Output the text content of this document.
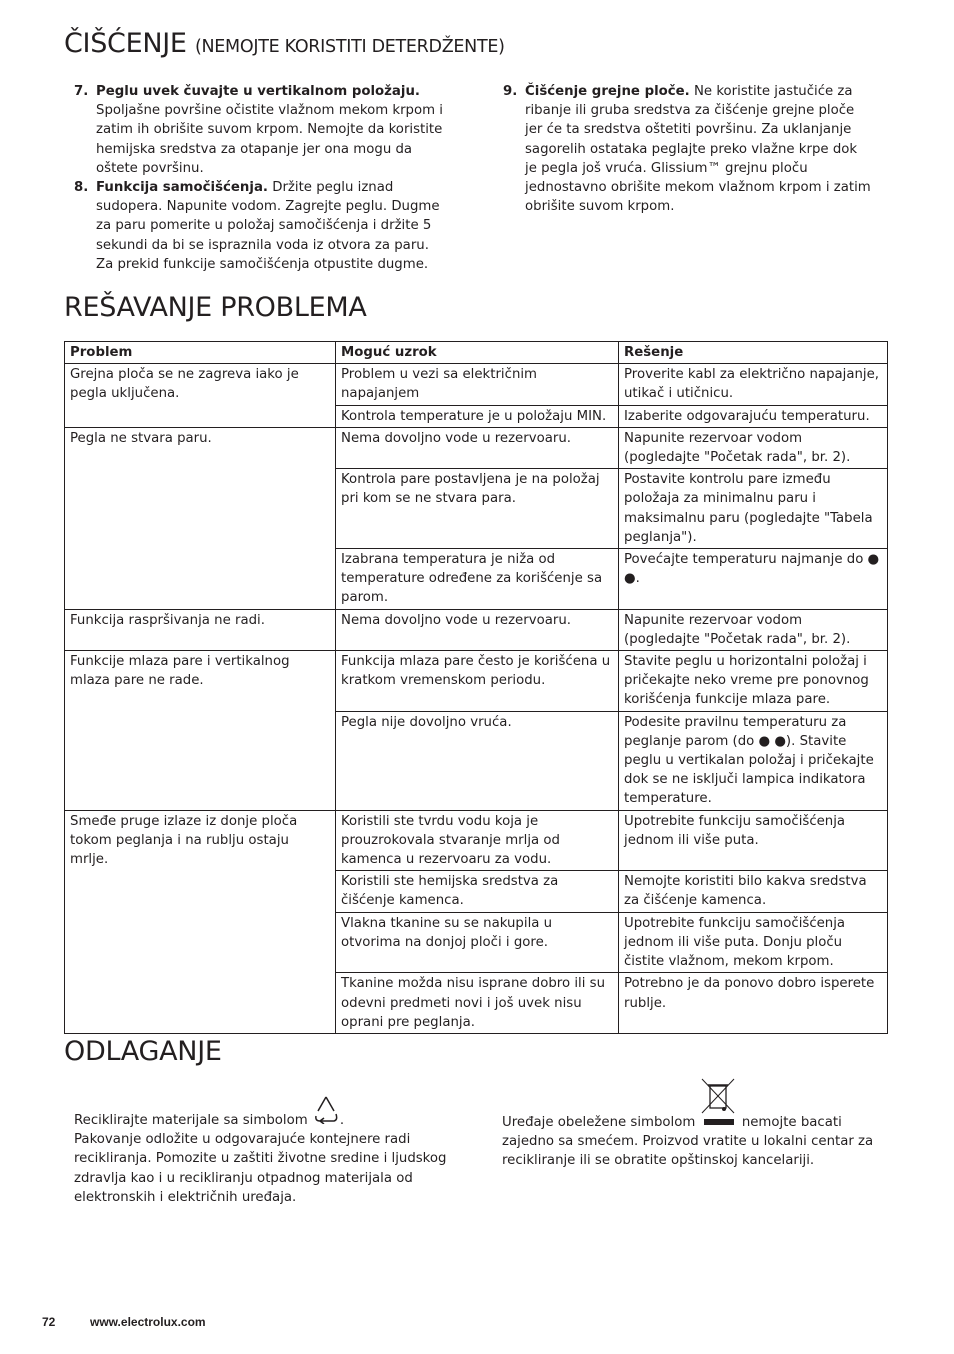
ČIŠĆENJE (NEMOJTE KORISTITI DETERDŽENTE)
7. Peglu uvek čuvajte u vertikalnom položaju. Spoljašne površine očistite vlažnom mekom krpom i zatim ih obrišite suvom krpom. Nemojte da koristite hemijska sredstva za otapanje jer ona mogu da oštete površinu.
8. Funkcija samočišćenja. Držite peglu iznad sudopera. Napunite vodom. Zagrejte peglu. Dugme za paru pomerite u položaj samočišćenja i držite 5 sekundi da bi se ispraznila voda iz otvora za paru. Za prekid funkcije samočišćenja otpustite dugme.
9. Čišćenje grejne ploče. Ne koristite jastučiće za ribanje ili gruba sredstva za čišćenje grejne ploče jer će ta sredstva oštetiti površinu. Za uklanjanje sagorelih ostataka peglajte preko vlažne krpe dok je pegla još vruća. Glissium™ grejnu ploču jednostavno obrišite mekom vlažnom krpom i zatim obrišite suvom krpom.
REŠAVANJE PROBLEMA
Problem	Moguć uzrok	Rešenje
Grejna ploča se ne zagreva iako je pegla uključena.	Problem u vezi sa električnim napajanjem	Proverite kabl za električno napajanje, utikač i utičnicu.
	Kontrola temperature je u položaju MIN.	Izaberite odgovarajuću temperaturu.
Pegla ne stvara paru.	Nema dovoljno vode u rezervoaru.	Napunite rezervoar vodom (pogledajte "Početak rada", br. 2).
	Kontrola pare postavljena je na položaj pri kom se ne stvara para.	Postavite kontrolu pare između položaja za minimalnu paru i maksimalnu paru (pogledajte "Tabela peglanja").
	Izabrana temperatura je niža od temperature određene za korišćenje sa parom.	Povećajte temperaturu najmanje do ● ●.
Funkcija raspršivanja ne radi.	Nema dovoljno vode u rezervoaru.	Napunite rezervoar vodom (pogledajte "Početak rada", br. 2).
Funkcije mlaza pare i vertikalnog mlaza pare ne rade.	Funkcija mlaza pare često je korišćena u kratkom vremenskom periodu.	Stavite peglu u horizontalni položaj i pričekajte neko vreme pre ponovnog korišćenja funkcije mlaza pare.
	Pegla nije dovoljno vruća.	Podesite pravilnu temperaturu za peglanje parom (do ● ●). Stavite peglu u vertikalan položaj i pričekajte dok se ne isključi lampica indikatora temperature.
Smeđe pruge izlaze iz donje ploča tokom peglanja i na rublju ostaju mrlje.	Koristili ste tvrdu vodu koja je prouzrokovala stvaranje mrlja od kamenca u rezervoaru za vodu.	Upotrebite funkciju samočišćenja jednom ili više puta.
	Koristili ste hemijska sredstva za čišćenje kamenca.	Nemojte koristiti bilo kakva sredstva za čišćenje kamenca.
	Vlakna tkanine su se nakupila u otvorima na donjoj ploči i gore.	Upotrebite funkciju samočišćenja jednom ili više puta. Donju ploču čistite vlažnom, mekom krpom.
	Tkanine možda nisu isprane dobro ili su odevni predmeti novi i još uvek nisu oprani pre peglanja.	Potrebno je da ponovo dobro isperete rublje.
ODLAGANJE
Reciklirajte materijale sa simbolom .
Pakovanje odložite u odgovarajuće kontejnere radi recikliranja. Pomozite u zaštiti životne sredine i ljudskog zdravlja kao i u recikliranju otpadnog materijala od elektronskih i električnih uređaja.
Uređaje obeležene simbolom	nemojte bacati zajedno sa smećem. Proizvod vratite u lokalni centar za recikliranje ili se obratite opštinskoj kancelariji.
72	www.electrolux.com
